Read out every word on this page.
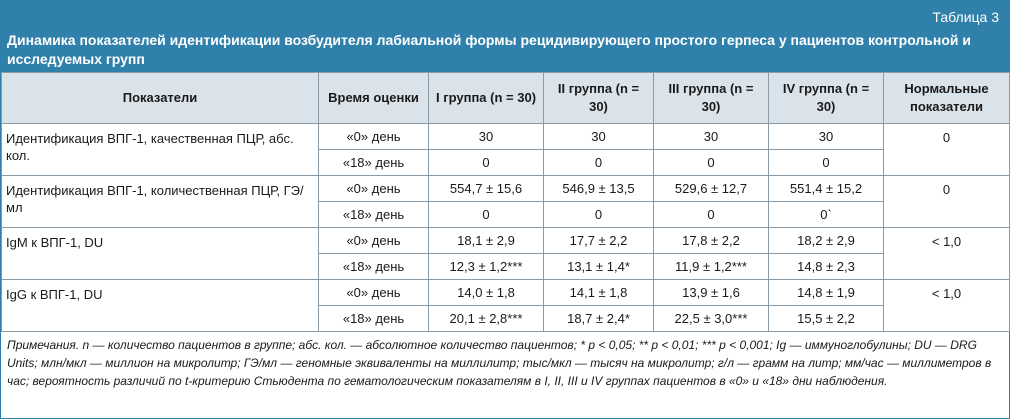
Таблица 3
Динамика показателей идентификации возбудителя лабиальной формы рецидивирующего простого герпеса у пациентов контрольной и исследуемых групп
Показатели	Время оценки	I группа (n = 30)	II группа (n = 30)	III группа (n = 30)	IV группа (n = 30)	Нормальные показатели
Идентификация ВПГ-1, качественная ПЦР, абс. кол.	«0» день	30	30	30	30	0
	«18» день	0	0	0	0	
Идентификация ВПГ-1, количественная ПЦР, ГЭ/мл	«0» день	554,7 ± 15,6	546,9 ± 13,5	529,6 ± 12,7	551,4 ± 15,2	0
	«18» день	0	0	0	0`	
IgM к ВПГ-1, DU	«0» день	18,1 ± 2,9	17,7 ± 2,2	17,8 ± 2,2	18,2 ± 2,9	< 1,0
	«18» день	12,3 ± 1,2***	13,1 ± 1,4*	11,9 ± 1,2***	14,8 ± 2,3	
IgG к ВПГ-1, DU	«0» день	14,0 ± 1,8	14,1 ± 1,8	13,9 ± 1,6	14,8 ± 1,9	< 1,0
	«18» день	20,1 ± 2,8***	18,7 ± 2,4*	22,5 ± 3,0***	15,5 ± 2,2	
Примечания. n — количество пациентов в группе; абс. кол. — абсолютное количество пациентов; * p < 0,05; ** p < 0,01; *** p < 0,001; Ig — иммуноглобулины; DU — DRG Units; млн/мкл — миллион на микролитр; ГЭ/мл — геномные эквиваленты на миллилитр; тыс/мкл — тысяч на микролитр; г/л — грамм на литр; мм/час — миллиметров в час; вероятность различий по t-критерию Стьюдента по гематологическим показателям в I, II, III и IV группах пациентов в «0» и «18» дни наблюдения.
